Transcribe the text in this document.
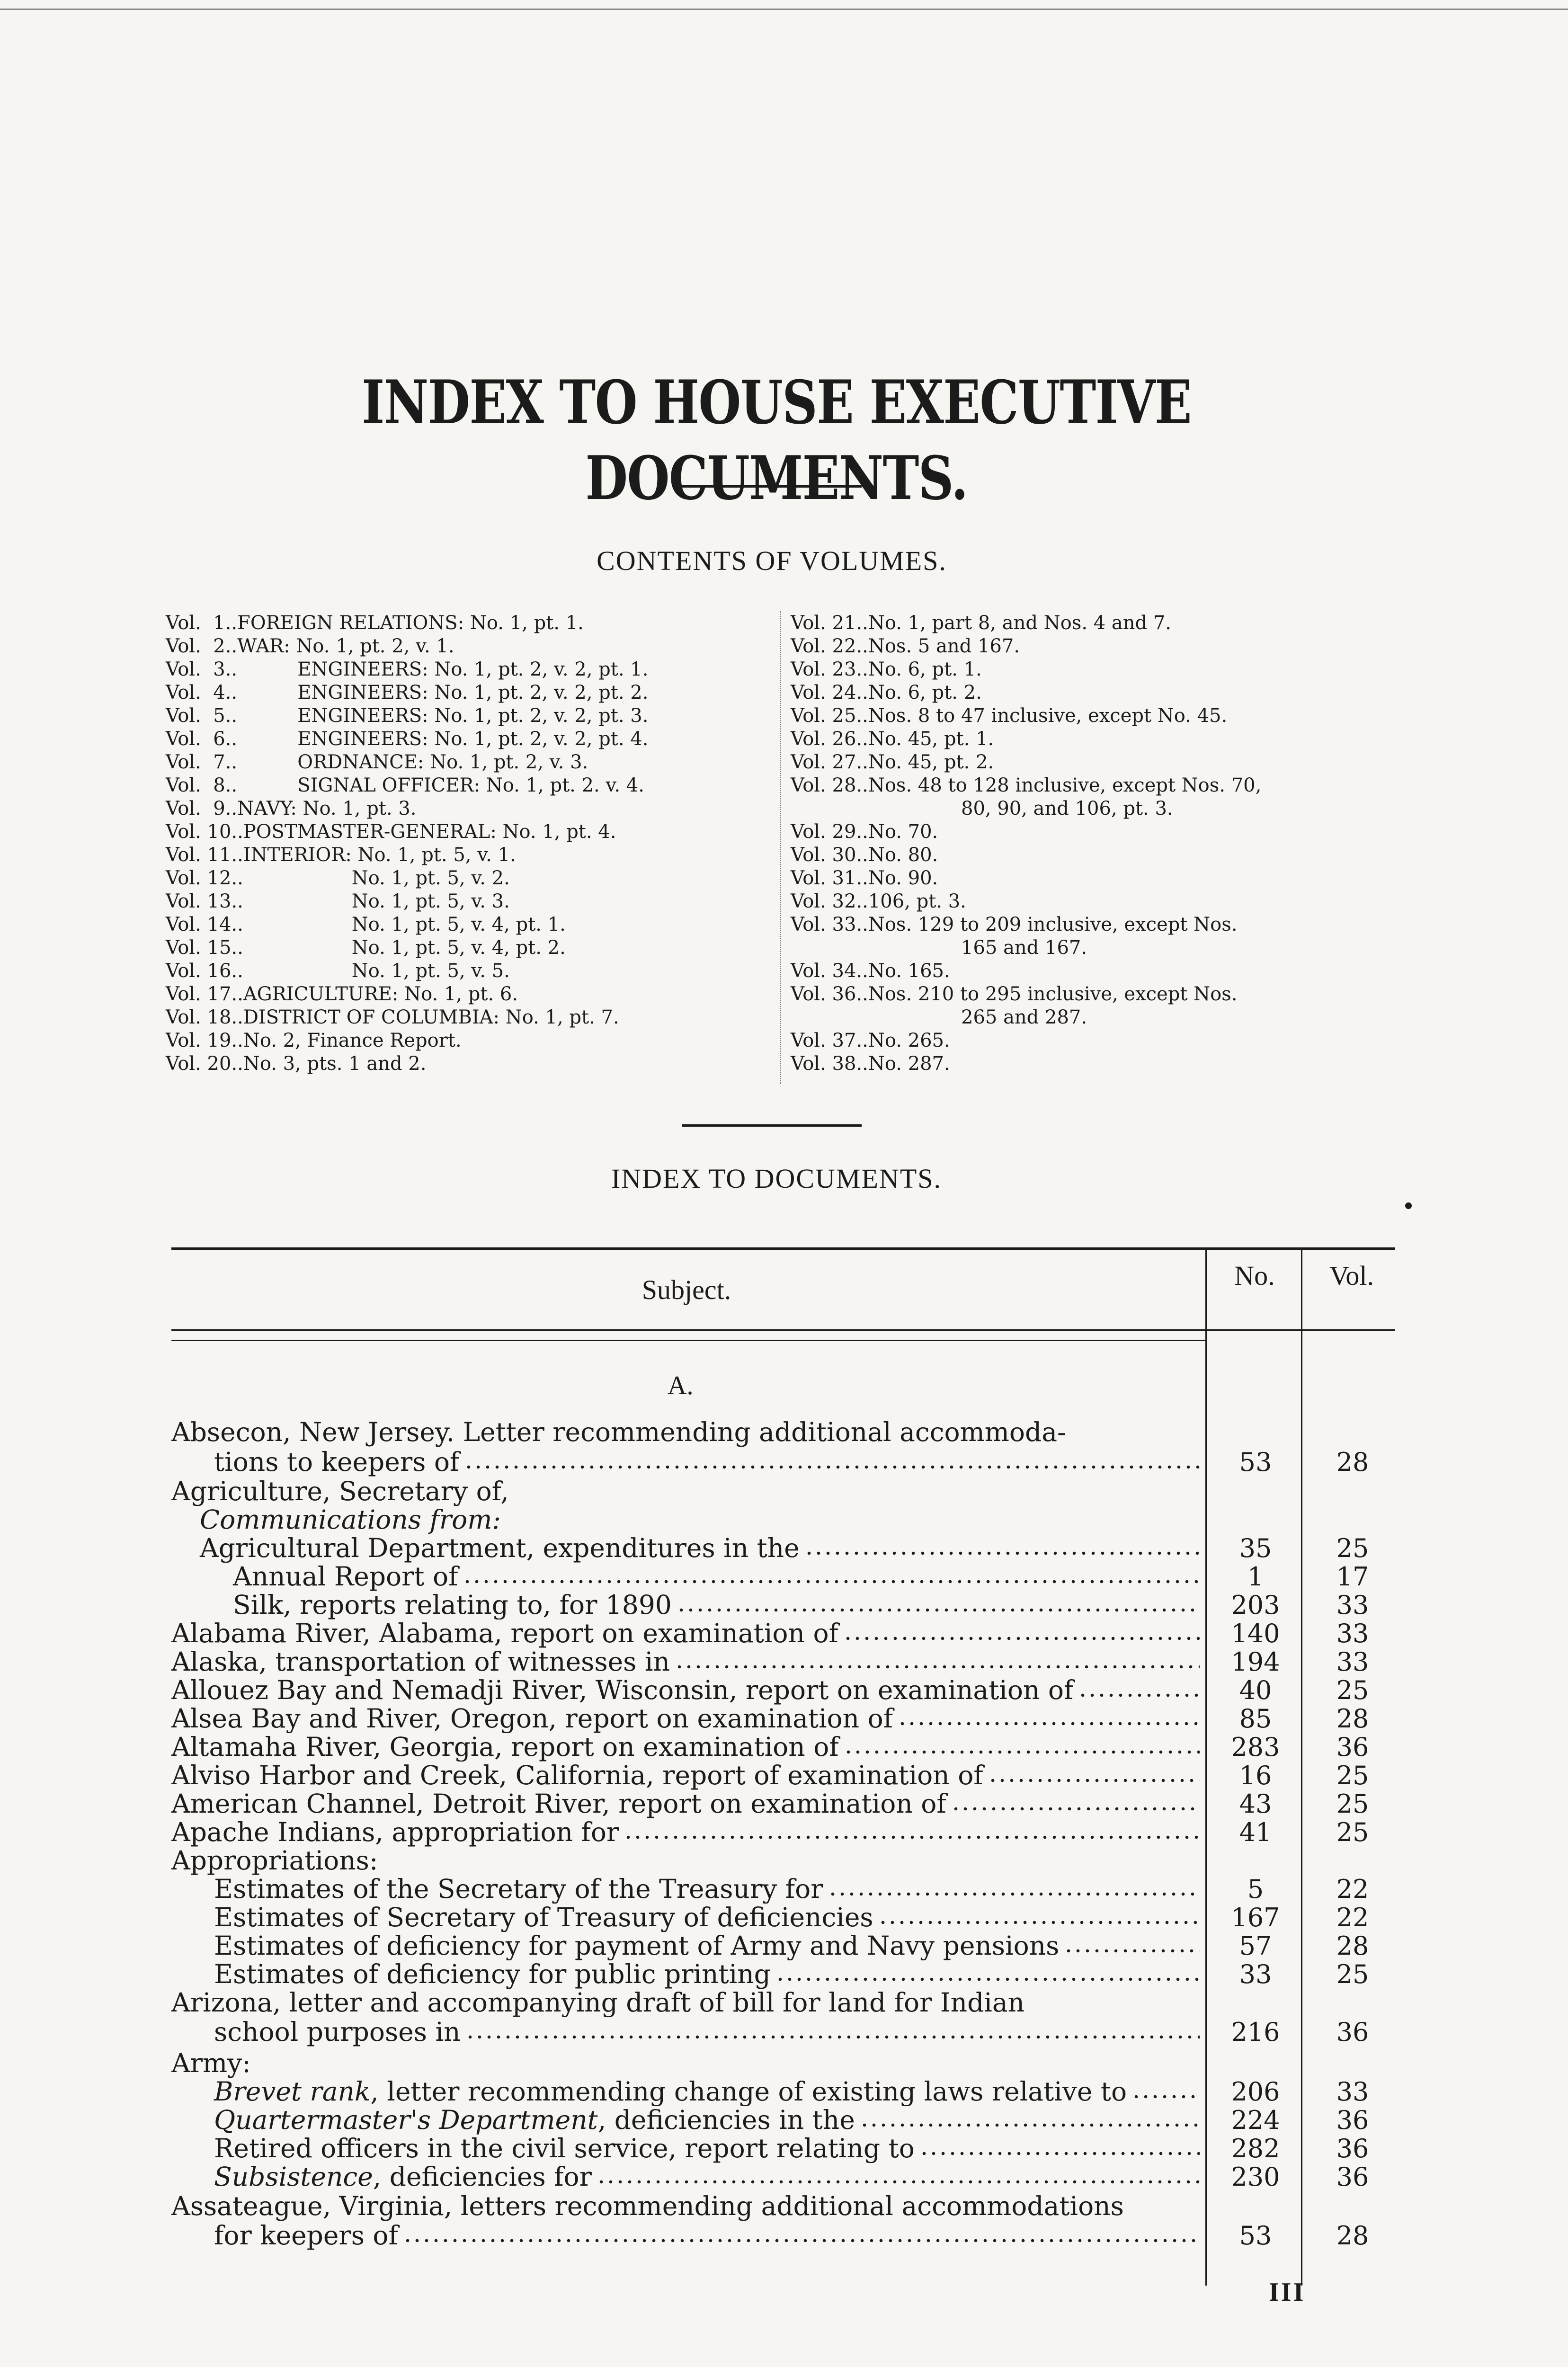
INDEX TO HOUSE EXECUTIVE DOCUMENTS.
CONTENTS OF VOLUMES.
Vol.  1..FOREIGN RELATIONS: No. 1, pt. 1.
Vol.  2..WAR: No. 1, pt. 2, v. 1.
Vol.  3..          ENGINEERS: No. 1, pt. 2, v. 2, pt. 1.
Vol.  4..          ENGINEERS: No. 1, pt. 2, v. 2, pt. 2.
Vol.  5..          ENGINEERS: No. 1, pt. 2, v. 2, pt. 3.
Vol.  6..          ENGINEERS: No. 1, pt. 2, v. 2, pt. 4.
Vol.  7..          ORDNANCE: No. 1, pt. 2, v. 3.
Vol.  8..          SIGNAL OFFICER: No. 1, pt. 2. v. 4.
Vol.  9..NAVY: No. 1, pt. 3.
Vol. 10..POSTMASTER-GENERAL: No. 1, pt. 4.
Vol. 11..INTERIOR: No. 1, pt. 5, v. 1.
Vol. 12..                  No. 1, pt. 5, v. 2.
Vol. 13..                  No. 1, pt. 5, v. 3.
Vol. 14..                  No. 1, pt. 5, v. 4, pt. 1.
Vol. 15..                  No. 1, pt. 5, v. 4, pt. 2.
Vol. 16..                  No. 1, pt. 5, v. 5.
Vol. 17..AGRICULTURE: No. 1, pt. 6.
Vol. 18..DISTRICT OF COLUMBIA: No. 1, pt. 7.
Vol. 19..No. 2, Finance Report.
Vol. 20..No. 3, pts. 1 and 2.
Vol. 21..No. 1, part 8, and Nos. 4 and 7.
Vol. 22..Nos. 5 and 167.
Vol. 23..No. 6, pt. 1.
Vol. 24..No. 6, pt. 2.
Vol. 25..Nos. 8 to 47 inclusive, except No. 45.
Vol. 26..No. 45, pt. 1.
Vol. 27..No. 45, pt. 2.
Vol. 28..Nos. 48 to 128 inclusive, except Nos. 70,
80, 90, and 106, pt. 3.
Vol. 29..No. 70.
Vol. 30..No. 80.
Vol. 31..No. 90.
Vol. 32..106, pt. 3.
Vol. 33..Nos. 129 to 209 inclusive, except Nos.
165 and 167.
Vol. 34..No. 165.
Vol. 36..Nos. 210 to 295 inclusive, except Nos.
265 and 287.
Vol. 37..No. 265.
Vol. 38..No. 287.
INDEX TO DOCUMENTS.
Subject.	No.	Vol.
A.
Absecon, New Jersey. Letter recommending additional accommoda-
tions to keepers of	53	28
Agriculture, Secretary of,
Communications from:
Agricultural Department, expenditures in the	35	25
Annual Report of	1	17
Silk, reports relating to, for 1890	203	33
Alabama River, Alabama, report on examination of	140	33
Alaska, transportation of witnesses in	194	33
Allouez Bay and Nemadji River, Wisconsin, report on examination of	40	25
Alsea Bay and River, Oregon, report on examination of	85	28
Altamaha River, Georgia, report on examination of	283	36
Alviso Harbor and Creek, California, report of examination of	16	25
American Channel, Detroit River, report on examination of	43	25
Apache Indians, appropriation for	41	25
Appropriations:
Estimates of the Secretary of the Treasury for	5	22
Estimates of Secretary of Treasury of deficiencies	167	22
Estimates of deficiency for payment of Army and Navy pensions	57	28
Estimates of deficiency for public printing	33	25
Arizona, letter and accompanying draft of bill for land for Indian
school purposes in	216	36
Army:
Brevet rank, letter recommending change of existing laws relative to	206	33
Quartermaster's Department, deficiencies in the	224	36
Retired officers in the civil service, report relating to	282	36
Subsistence, deficiencies for	230	36
Assateague, Virginia, letters recommending additional accommodations
for keepers of	53	28
III
